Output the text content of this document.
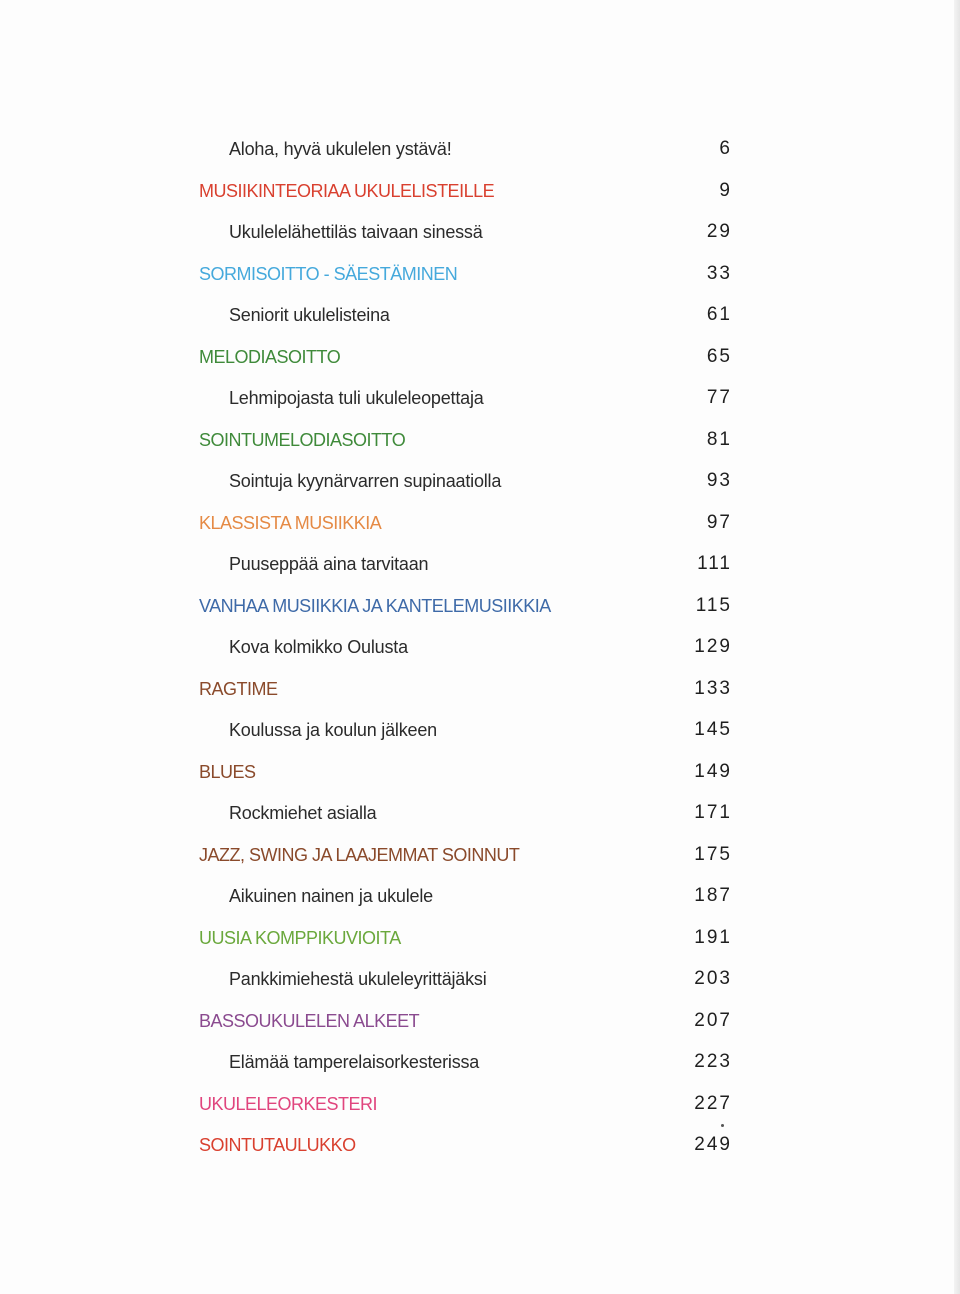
Aloha, hyvä ukulelen ystävä!	6
MUSIIKINTEORIAA UKULELISTEILLE	9
Ukulelelähettiläs taivaan sinessä	29
SORMISOITTO - SÄESTÄMINEN	33
Seniorit ukulelisteina	61
MELODIASOITTO	65
Lehmipojasta tuli ukuleleopettaja	77
SOINTUMELODIASOITTO	81
Sointuja kyynärvarren supinaatiolla	93
KLASSISTA MUSIIKKIA	97
Puuseppää aina tarvitaan	111
VANHAA MUSIIKKIA JA KANTELEMUSIIKKIA	115
Kova kolmikko Oulusta	129
RAGTIME	133
Koulussa ja koulun jälkeen	145
BLUES	149
Rockmiehet asialla	171
JAZZ, SWING JA LAAJEMMAT SOINNUT	175
Aikuinen nainen ja ukulele	187
UUSIA KOMPPIKUVIOITA	191
Pankkimiehestä ukuleleyrittäjäksi	203
BASSOUKULELEN ALKEET	207
Elämää tamperelaisorkesterissa	223
UKULELEORKESTERI	227
SOINTUTAULUKKO	249
